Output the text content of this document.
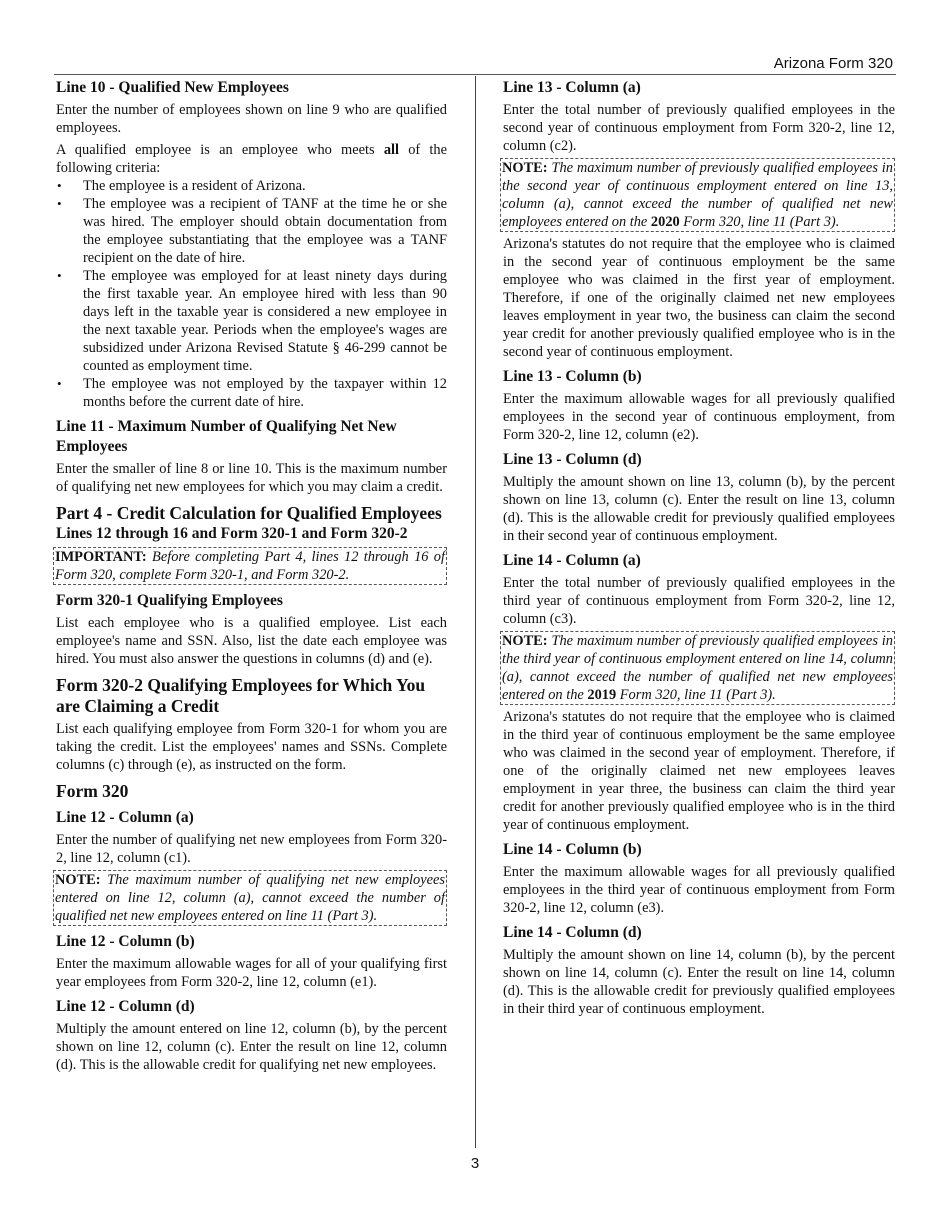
Arizona Form 320
Line 10 - Qualified New Employees
Enter the number of employees shown on line 9 who are qualified employees.
A qualified employee is an employee who meets all of the following criteria:
• The employee is a resident of Arizona.
• The employee was a recipient of TANF at the time he or she was hired. The employer should obtain documentation from the employee substantiating that the employee was a TANF recipient on the date of hire.
• The employee was employed for at least ninety days during the first taxable year. An employee hired with less than 90 days left in the taxable year is considered a new employee in the next taxable year. Periods when the employee's wages are subsidized under Arizona Revised Statute § 46-299 cannot be counted as employment time.
• The employee was not employed by the taxpayer within 12 months before the current date of hire.
Line 11 - Maximum Number of Qualifying Net New Employees
Enter the smaller of line 8 or line 10. This is the maximum number of qualifying net new employees for which you may claim a credit.
Part 4 - Credit Calculation for Qualified Employees
Lines 12 through 16 and Form 320-1 and Form 320-2
IMPORTANT: Before completing Part 4, lines 12 through 16 of Form 320, complete Form 320-1, and Form 320-2.
Form 320-1 Qualifying Employees
List each employee who is a qualified employee. List each employee's name and SSN. Also, list the date each employee was hired. You must also answer the questions in columns (d) and (e).
Form 320-2 Qualifying Employees for Which You are Claiming a Credit
List each qualifying employee from Form 320-1 for whom you are taking the credit. List the employees' names and SSNs. Complete columns (c) through (e), as instructed on the form.
Form 320
Line 12 - Column (a)
Enter the number of qualifying net new employees from Form 320-2, line 12, column (c1).
NOTE: The maximum number of qualifying net new employees entered on line 12, column (a), cannot exceed the number of qualified net new employees entered on line 11 (Part 3).
Line 12 - Column (b)
Enter the maximum allowable wages for all of your qualifying first year employees from Form 320-2, line 12, column (e1).
Line 12 - Column (d)
Multiply the amount entered on line 12, column (b), by the percent shown on line 12, column (c). Enter the result on line 12, column (d). This is the allowable credit for qualifying net new employees.
Line 13 - Column (a)
Enter the total number of previously qualified employees in the second year of continuous employment from Form 320-2, line 12, column (c2).
NOTE: The maximum number of previously qualified employees in the second year of continuous employment entered on line 13, column (a), cannot exceed the number of qualified net new employees entered on the 2020 Form 320, line 11 (Part 3).
Arizona's statutes do not require that the employee who is claimed in the second year of continuous employment be the same employee who was claimed in the first year of employment. Therefore, if one of the originally claimed net new employees leaves employment in year two, the business can claim the second year credit for another previously qualified employee who is in the second year of continuous employment.
Line 13 - Column (b)
Enter the maximum allowable wages for all previously qualified employees in the second year of continuous employment, from Form 320-2, line 12, column (e2).
Line 13 - Column (d)
Multiply the amount shown on line 13, column (b), by the percent shown on line 13, column (c). Enter the result on line 13, column (d). This is the allowable credit for previously qualified employees in their second year of continuous employment.
Line 14 - Column (a)
Enter the total number of previously qualified employees in the third year of continuous employment from Form 320-2, line 12, column (c3).
NOTE: The maximum number of previously qualified employees in the third year of continuous employment entered on line 14, column (a), cannot exceed the number of qualified net new employees entered on the 2019 Form 320, line 11 (Part 3).
Arizona's statutes do not require that the employee who is claimed in the third year of continuous employment be the same employee who was claimed in the second year of employment. Therefore, if one of the originally claimed net new employees leaves employment in year three, the business can claim the third year credit for another previously qualified employee who is in the third year of continuous employment.
Line 14 - Column (b)
Enter the maximum allowable wages for all previously qualified employees in the third year of continuous employment from Form 320-2, line 12, column (e3).
Line 14 - Column (d)
Multiply the amount shown on line 14, column (b), by the percent shown on line 14, column (c). Enter the result on line 14, column (d). This is the allowable credit for previously qualified employees in their third year of continuous employment.
3
